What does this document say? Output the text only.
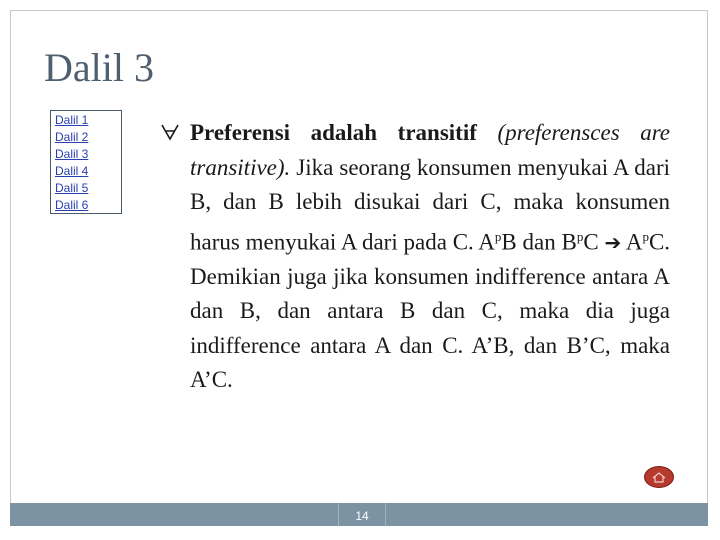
Dalil 3
Dalil 1
Dalil 2
Dalil 3
Dalil 4
Dalil 5
Dalil 6
Preferensi adalah transitif (preferensces are transitive). Jika seorang konsumen menyukai A dari B, dan B lebih disukai dari C, maka konsumen harus menyukai A dari pada C. $A^pB$ dan $B^pC$ ➔ $A^pC$. Demikian juga jika konsumen indifference antara A dan B, dan antara B dan C, maka dia juga indifference antara A dan C. A’B, dan B’C, maka A’C.
14
